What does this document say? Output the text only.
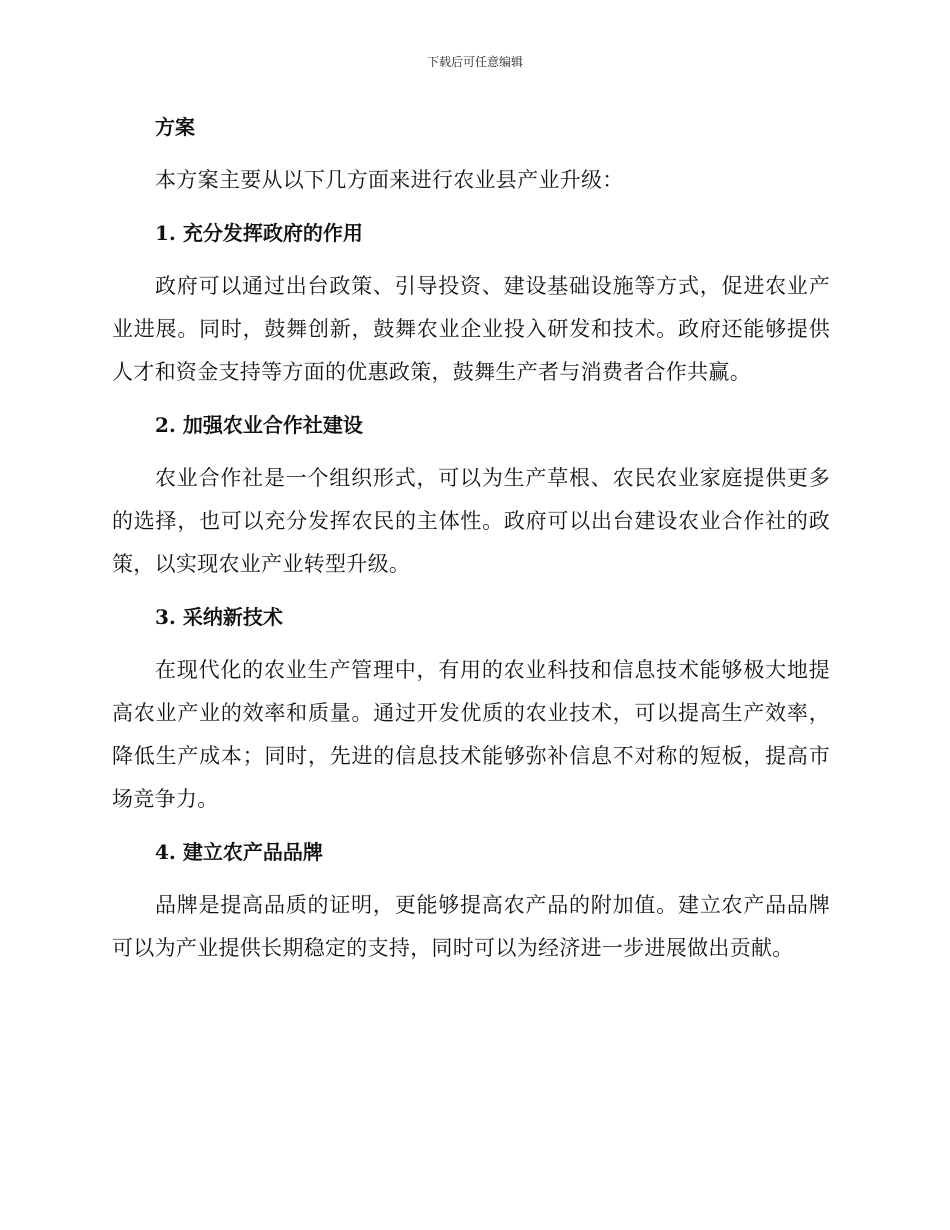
下载后可任意编辑
方案

本方案主要从以下几方面来进行农业县产业升级：

1. 充分发挥政府的作用

政府可以通过出台政策、引导投资、建设基础设施等方式，促进农业产业进展。同时，鼓舞创新，鼓舞农业企业投入研发和技术。政府还能够提供人才和资金支持等方面的优惠政策，鼓舞生产者与消费者合作共赢。

2. 加强农业合作社建设

农业合作社是一个组织形式，可以为生产草根、农民农业家庭提供更多的选择，也可以充分发挥农民的主体性。政府可以出台建设农业合作社的政策，以实现农业产业转型升级。

3. 采纳新技术

在现代化的农业生产管理中，有用的农业科技和信息技术能够极大地提高农业产业的效率和质量。通过开发优质的农业技术，可以提高生产效率，降低生产成本；同时，先进的信息技术能够弥补信息不对称的短板，提高市场竞争力。

4. 建立农产品品牌

品牌是提高品质的证明，更能够提高农产品的附加值。建立农产品品牌可以为产业提供长期稳定的支持，同时可以为经济进一步进展做出贡献。
